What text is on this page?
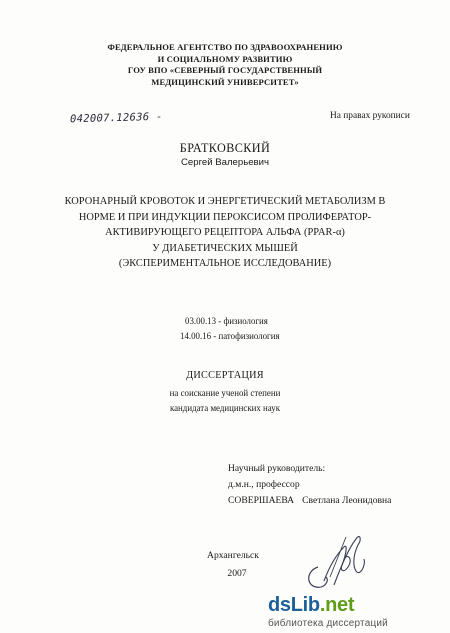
ФЕДЕРАЛЬНОЕ АГЕНТСТВО ПО ЗДРАВООХРАНЕНИЮ
И СОЦИАЛЬНОМУ РАЗВИТИЮ
ГОУ ВПО «СЕВЕРНЫЙ ГОСУДАРСТВЕННЫЙ
МЕДИЦИНСКИЙ УНИВЕРСИТЕТ»
042007.12636 -	На правах рукописи
БРАТКОВСКИЙ
Сергей Валерьевич
КОРОНАРНЫЙ КРОВОТОК И ЭНЕРГЕТИЧЕСКИЙ МЕТАБОЛИЗМ В
НОРМЕ И ПРИ ИНДУКЦИИ ПЕРОКСИСОМ ПРОЛИФЕРАТОР-
АКТИВИРУЮЩЕГО РЕЦЕПТОРА АЛЬФА (PPAR-α)
У ДИАБЕТИЧЕСКИХ МЫШЕЙ
(ЭКСПЕРИМЕНТАЛЬНОЕ ИССЛЕДОВАНИЕ)
03.00.13 - физиология
14.00.16 - патофизиология
ДИССЕРТАЦИЯ
на соискание ученой степени
кандидата медицинских наук
Научный руководитель:
д.м.н., профессор
СОВЕРШАЕВА Светлана Леонидовна
Архангельск
2007
dsLib.net
библиотека диссертаций
